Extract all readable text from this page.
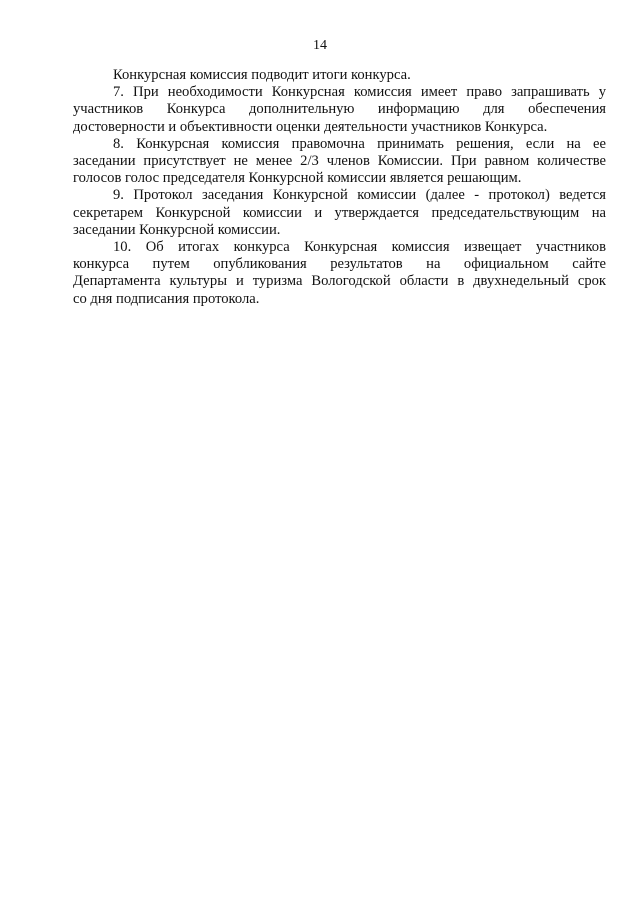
14
Конкурсная комиссия подводит итоги конкурса.
7. При необходимости Конкурсная комиссия имеет право запрашивать у
участников Конкурса дополнительную информацию для обеспечения
достоверности и объективности оценки деятельности участников Конкурса.
8. Конкурсная комиссия правомочна принимать решения, если на ее
заседании присутствует не менее 2/3 членов Комиссии. При равном количестве
голосов голос председателя Конкурсной комиссии является решающим.
9. Протокол заседания Конкурсной комиссии (далее - протокол) ведется
секретарем Конкурсной комиссии и утверждается председательствующим на
заседании Конкурсной комиссии.
10. Об итогах конкурса Конкурсная комиссия извещает участников
конкурса путем опубликования результатов на официальном сайте
Департамента культуры и туризма Вологодской области в двухнедельный срок
со дня подписания протокола.
